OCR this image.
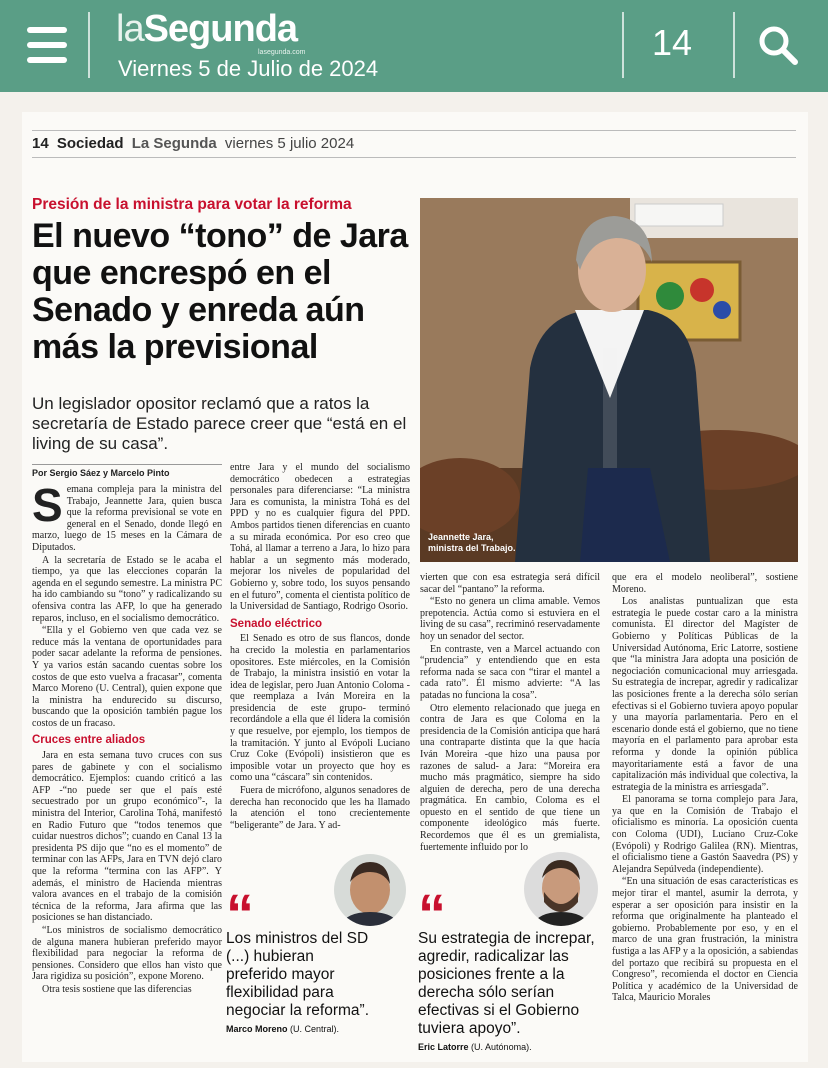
laSegunda
lasegunda.com
Viernes 5 de Julio de 2024
14
14 Sociedad La Segunda viernes 5 julio 2024
Presión de la ministra para votar la reforma
El nuevo “tono” de Jara que encrespó en el Senado y enreda aún más la previsional
Un legislador opositor reclamó que a ratos la secretaría de Estado parece creer que “está en el living de su casa”.
Por Sergio Sáez y Marcelo Pinto
Jeannette Jara,
ministra del Trabajo.

Semana compleja para la ministra del Trabajo, Jeannette Jara, quien busca que la reforma previsional se vote en general en el Senado, donde llegó en marzo, luego de 15 meses en la Cámara de Diputados.

A la secretaría de Estado se le acaba el tiempo, ya que las elecciones coparán la agenda en el segundo semestre. La ministra PC ha ido cambiando su “tono” y radicalizando su ofensiva contra las AFP, lo que ha generado reparos, incluso, en el socialismo democrático.

“Ella y el Gobierno ven que cada vez se reduce más la ventana de oportunidades para poder sacar adelante la reforma de pensiones. Y ya varios están sacando cuentas sobre los costos de que esto vuelva a fracasar”, comenta Marco Moreno (U. Central), quien expone que la ministra ha endurecido su discurso, buscando que la oposición también pague los costos de un fracaso.

Cruces entre aliados

Jara en esta semana tuvo cruces con sus pares de gabinete y con el socialismo democrático. Ejemplos: cuando criticó a las AFP -“no puede ser que el país esté secuestrado por un grupo económico”-, la ministra del Interior, Carolina Tohá, manifestó en Radio Futuro que “todos tenemos que cuidar nuestros dichos”; cuando en Canal 13 la presidenta PS dijo que “no es el momento” de terminar con las AFPs, Jara en TVN dejó claro que la reforma “termina con las AFP”. Y además, el ministro de Hacienda mientras valora avances en el trabajo de la comisión técnica de la reforma, Jara afirma que las posiciones se han distanciado.

“Los ministros de socialismo democrático de alguna manera hubieran preferido mayor flexibilidad para negociar la reforma de pensiones. Considero que ellos han visto que Jara rigidiza su posición”, expone Moreno.

Otra tesis sostiene que las diferencias

entre Jara y el mundo del socialismo democrático obedecen a estrategias personales para diferenciarse: “La ministra Jara es comunista, la ministra Tohá es del PPD y no es cualquier figura del PPD. Ambos partidos tienen diferencias en cuanto a su mirada económica. Por eso creo que Tohá, al llamar a terreno a Jara, lo hizo para hablar a un segmento más moderado, mejorar los niveles de popularidad del Gobierno y, sobre todo, los suyos pensando en el futuro”, comenta el cientista político de la Universidad de Santiago, Rodrigo Osorio.

Senado eléctrico

El Senado es otro de sus flancos, donde ha crecido la molestia en parlamentarios opositores. Este miércoles, en la Comisión de Trabajo, la ministra insistió en votar la idea de legislar, pero Juan Antonio Coloma -que reemplaza a Iván Moreira en la presidencia de este grupo- terminó recordándole a ella que él lidera la comisión y que resuelve, por ejemplo, los tiempos de la tramitación. Y junto al Evópoli Luciano Cruz Coke (Evópoli) insistieron que es imposible votar un proyecto que hoy es como una “cáscara” sin contenidos.

Fuera de micrófono, algunos senadores de derecha han reconocido que les ha llamado la atención el tono crecientemente “beligerante” de Jara. Y ad-

vierten que con esa estrategia será difícil sacar del “pantano” la reforma.

“Esto no genera un clima amable. Vemos prepotencia. Actúa como si estuviera en el living de su casa”, recriminó reservadamente hoy un senador del sector.

En contraste, ven a Marcel actuando con “prudencia” y entendiendo que en esta reforma nada se saca con “tirar el mantel a cada rato”. Él mismo advierte: “A las patadas no funciona la cosa”.

Otro elemento relacionado que juega en contra de Jara es que Coloma en la presidencia de la Comisión anticipa que hará una contraparte distinta que la que hacía Iván Moreira -que hizo una pausa por razones de salud- a Jara: “Moreira era mucho más pragmático, siempre ha sido alguien de derecha, pero de una derecha pragmática. En cambio, Coloma es el opuesto en el sentido de que tiene un componente ideológico más fuerte. Recordemos que él es un gremialista, fuertemente influido por lo

que era el modelo neoliberal”, sostiene Moreno.

Los analistas puntualizan que esta estrategia le puede costar caro a la ministra comunista. El director del Magíster de Gobierno y Políticas Públicas de la Universidad Autónoma, Eric Latorre, sostiene que “la ministra Jara adopta una posición de negociación comunicacional muy arriesgada. Su estrategia de increpar, agredir y radicalizar las posiciones frente a la derecha sólo serían efectivas si el Gobierno tuviera apoyo popular y una mayoría parlamentaria. Pero en el escenario donde está el gobierno, que no tiene mayoría en el parlamento para aprobar esta reforma y donde la opinión pública mayoritariamente está a favor de una capitalización más individual que colectiva, la estrategia de la ministra es arriesgada”.

El panorama se torna complejo para Jara, ya que en la Comisión de Trabajo el oficialismo es minoría. La oposición cuenta con Coloma (UDI), Luciano Cruz-Coke (Evópoli) y Rodrigo Galilea (RN). Mientras, el oficialismo tiene a Gastón Saavedra (PS) y Alejandra Sepúlveda (independiente).

“En una situación de esas características es mejor tirar el mantel, asumir la derrota, y esperar a ser oposición para insistir en la reforma que originalmente ha planteado el gobierno. Probablemente por eso, y en el marco de una gran frustración, la ministra fustiga a las AFP y a la oposición, a sabiendas del portazo que recibirá su propuesta en el Congreso”, recomienda el doctor en Ciencia Política y académico de la Universidad de Talca, Mauricio Morales

“
Los ministros del SD (...) hubieran preferido mayor flexibilidad para negociar la reforma”.
Marco Moreno (U. Central).
“
Su estrategia de increpar, agredir, radicalizar las posiciones frente a la derecha sólo serían efectivas si el Gobierno tuviera apoyo”.
Eric Latorre (U. Autónoma).
